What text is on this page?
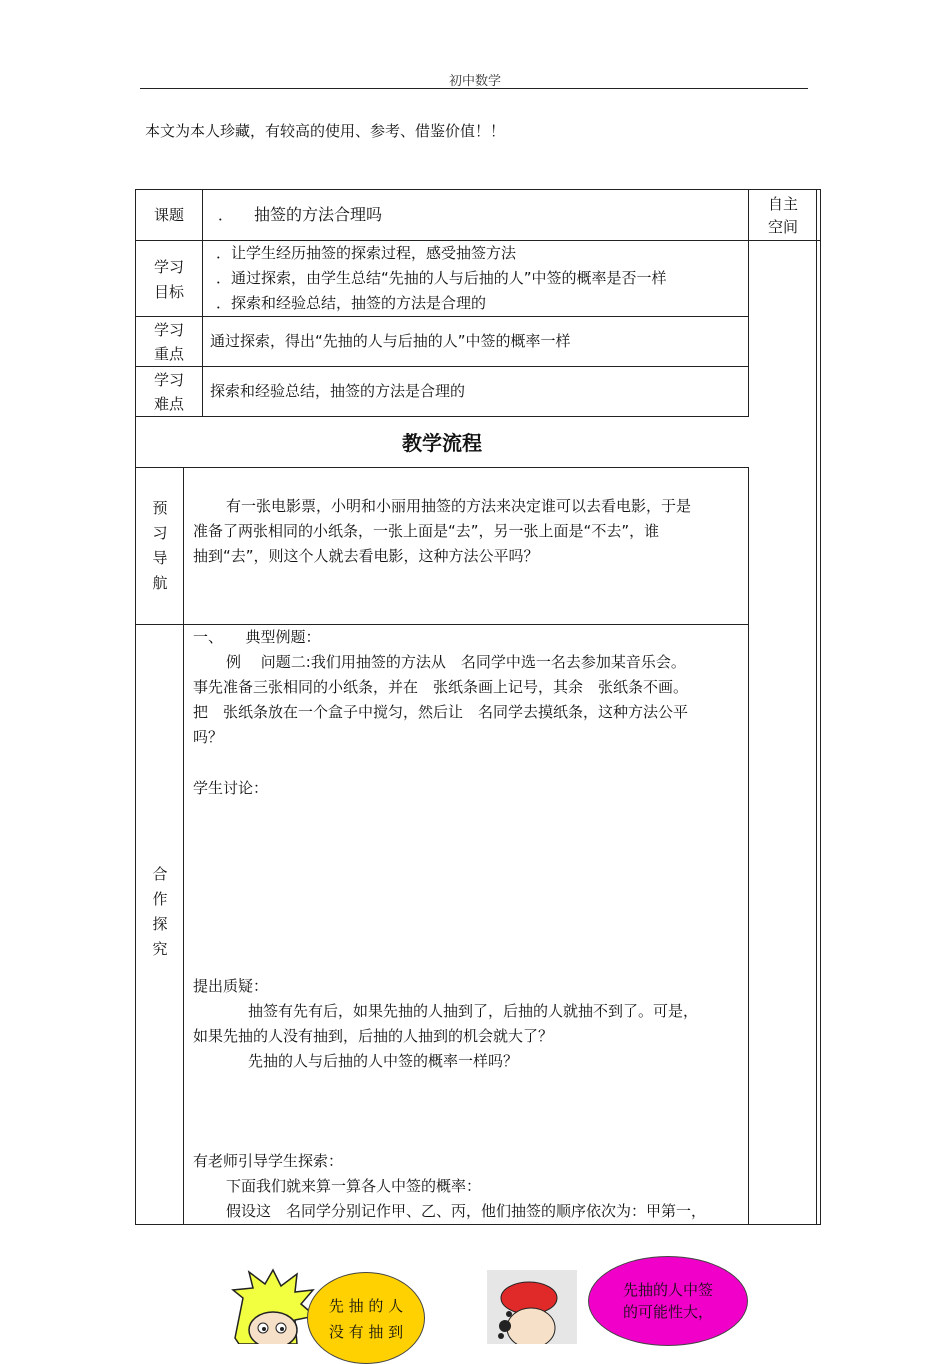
初中数学
本文为本人珍藏，有较高的使用、参考、借鉴价值！！
课题	． 抽签的方法合理吗
自主
空间
学习
目标
．让学生经历抽签的探索过程，感受抽签方法
．通过探索，由学生总结“先抽的人与后抽的人”中签的概率是否一样
．探索和经验总结，抽签的方法是合理的
学习
重点
通过探索，得出“先抽的人与后抽的人”中签的概率一样
学习
难点
探索和经验总结，抽签的方法是合理的
教学流程
预
习
导
航
有一张电影票，小明和小丽用抽签的方法来决定谁可以去看电影，于是
准备了两张相同的小纸条，一张上面是“去”，另一张上面是“不去”，谁
抽到“去”，则这个人就去看电影，这种方法公平吗？
合
作
探
究
一、　　典型例题：
例　 问题二:我们用抽签的方法从　名同学中选一名去参加某音乐会。
事先准备三张相同的小纸条，并在　张纸条画上记号，其余　张纸条不画。
把　张纸条放在一个盒子中搅匀，然后让　名同学去摸纸条，这种方法公平
吗？
学生讨论：
提出质疑：
抽签有先有后，如果先抽的人抽到了，后抽的人就抽不到了。可是，
如果先抽的人没有抽到，后抽的人抽到的机会就大了？
先抽的人与后抽的人中签的概率一样吗？
有老师引导学生探索：
下面我们就来算一算各人中签的概率：
假设这　名同学分别记作甲、乙、丙，他们抽签的顺序依次为：甲第一，
先 抽 的 人
没 有 抽 到
先抽的人中签
的可能性大，
